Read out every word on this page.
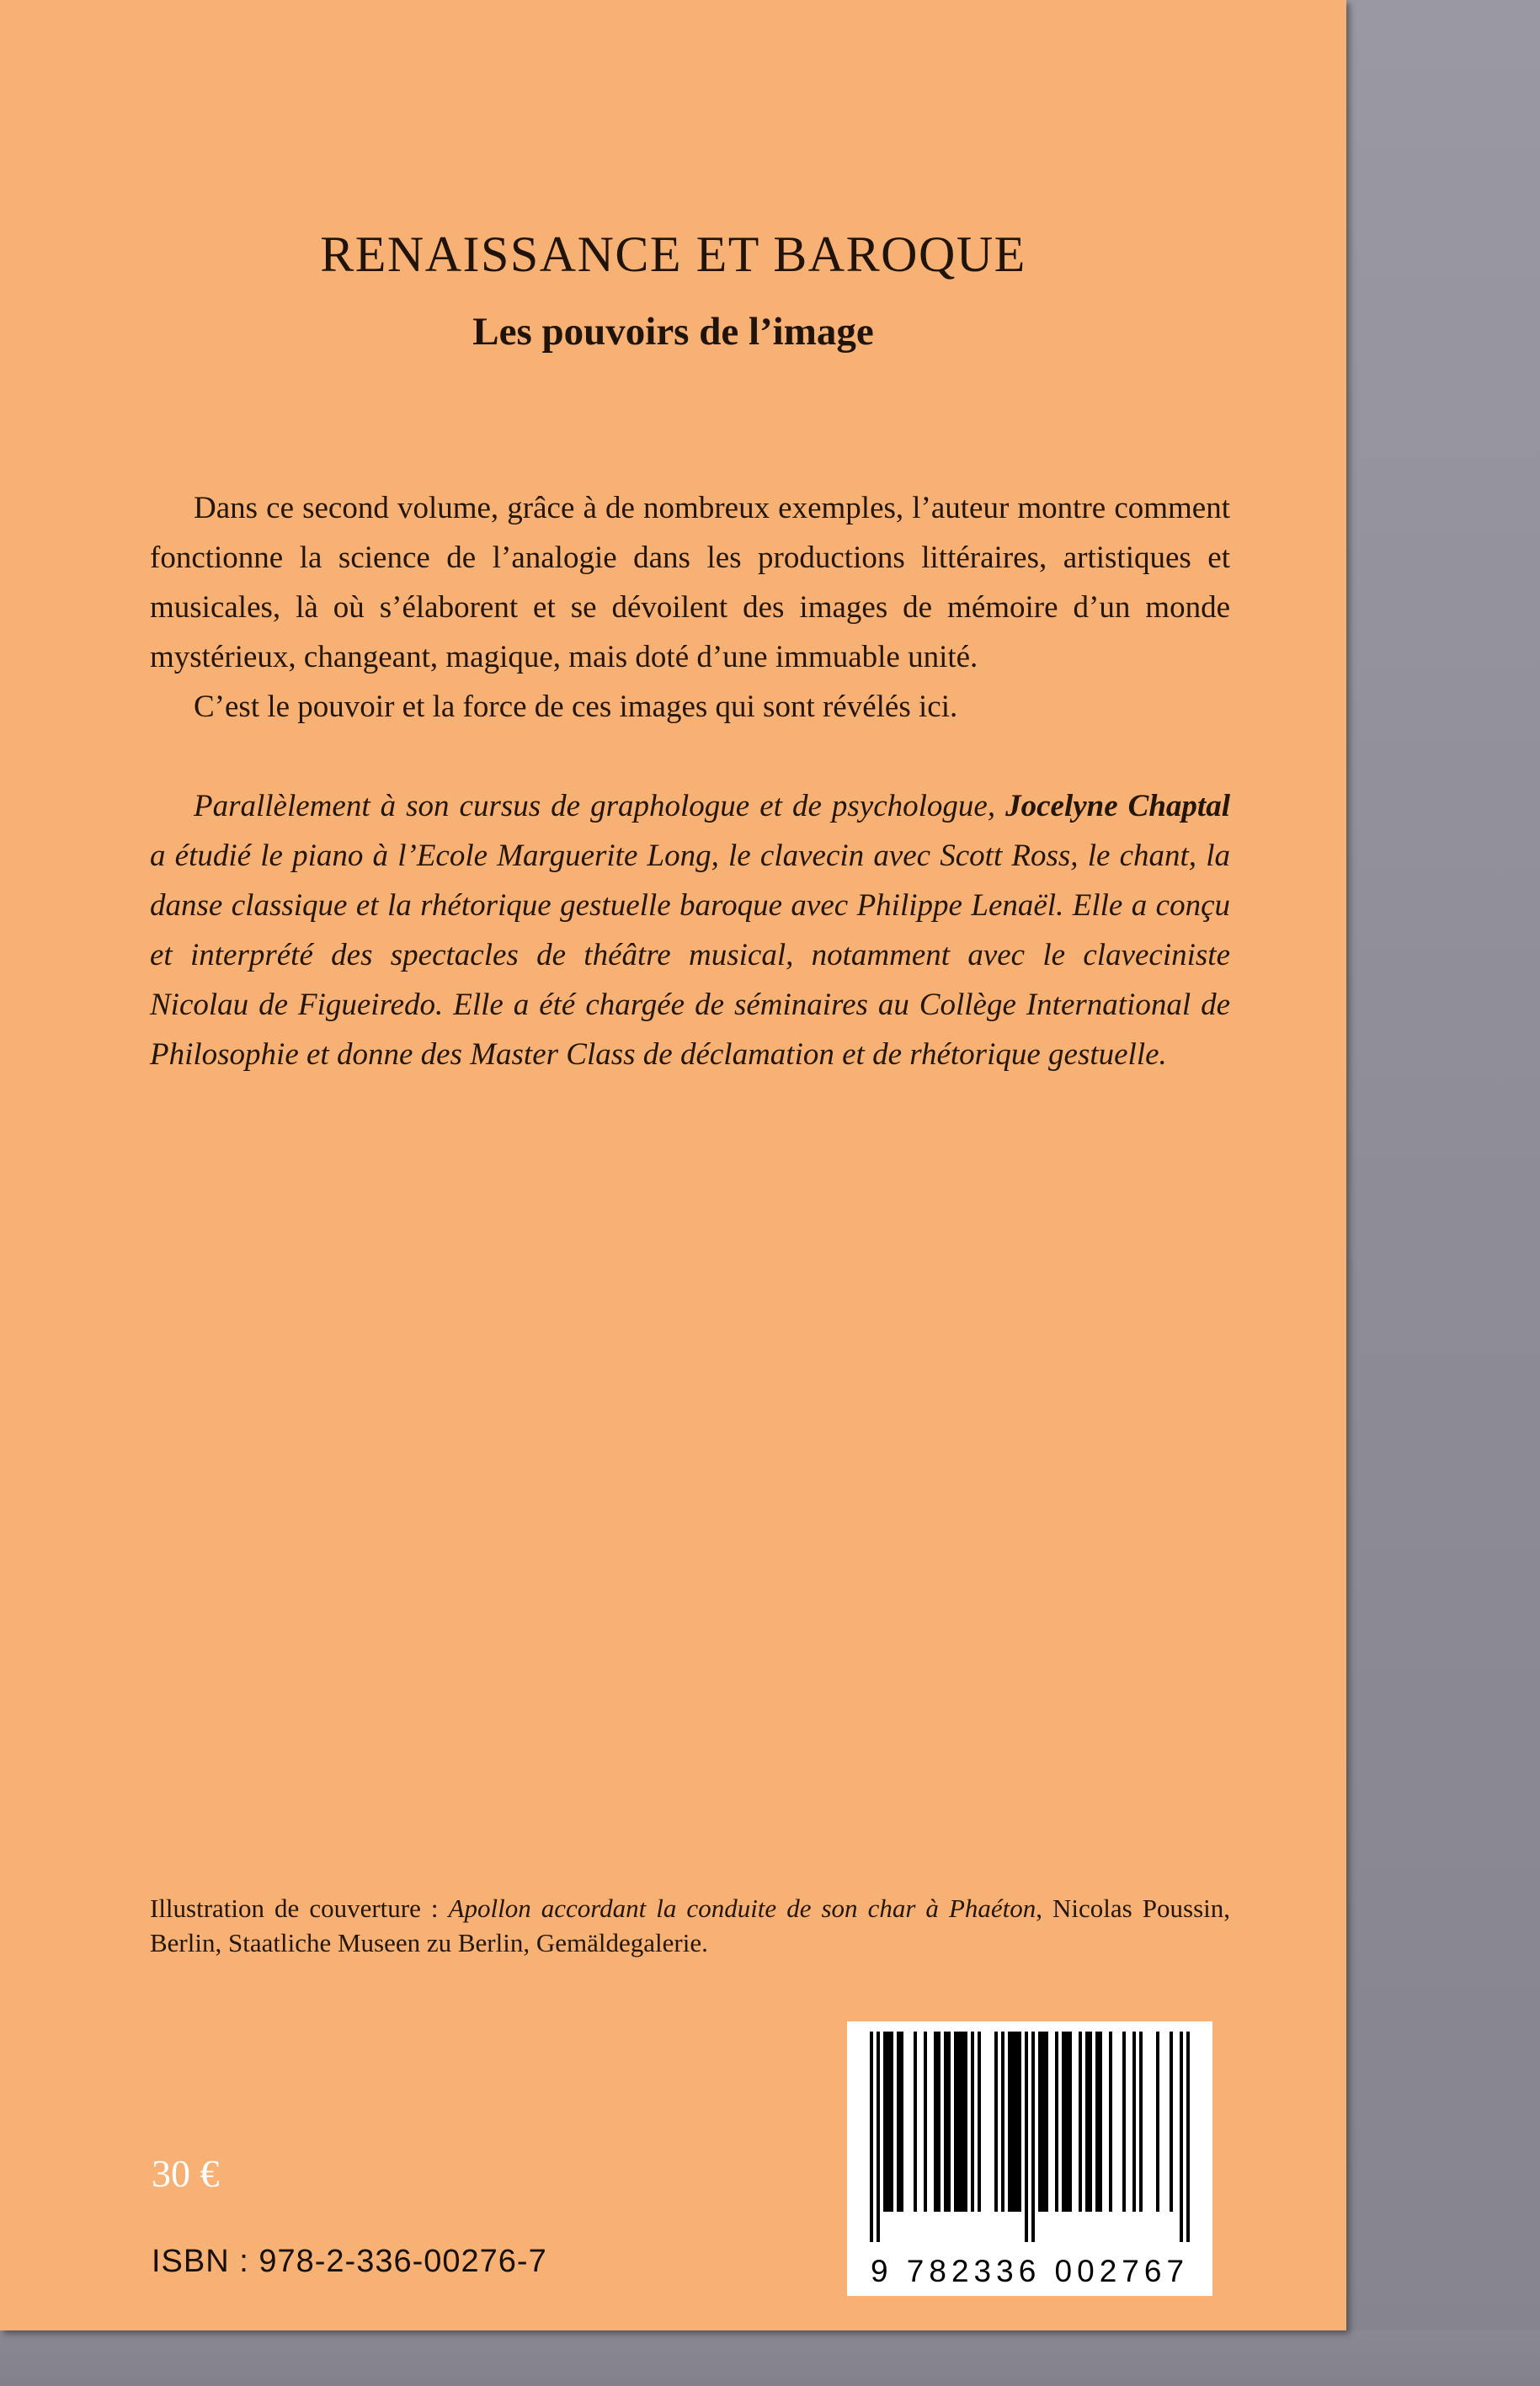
RENAISSANCE ET BAROQUE
Les pouvoirs de l’image

Dans ce second volume, grâce à de nombreux exemples, l’auteur montre comment fonctionne la science de l’analogie dans les productions littéraires, artistiques et musicales, là où s’élaborent et se dévoilent des images de mémoire d’un monde mystérieux, changeant, magique, mais doté d’une immuable unité.

C’est le pouvoir et la force de ces images qui sont révélés ici.

Parallèlement à son cursus de graphologue et de psychologue, Jocelyne Chaptal a étudié le piano à l’Ecole Marguerite Long, le clavecin avec Scott Ross, le chant, la danse classique et la rhétorique gestuelle baroque avec Philippe Lenaël. Elle a conçu et interprété des spectacles de théâtre musical, notamment avec le claveciniste Nicolau de Figueiredo. Elle a été chargée de séminaires au Collège International de Philosophie et donne des Master Class de déclamation et de rhétorique gestuelle.

Illustration de couverture : Apollon accordant la conduite de son char à Phaéton, Nicolas Poussin, Berlin, Staatliche Museen zu Berlin, Gemäldegalerie.

30 €
ISBN : 978-2-336-00276-7	9 782336 002767
